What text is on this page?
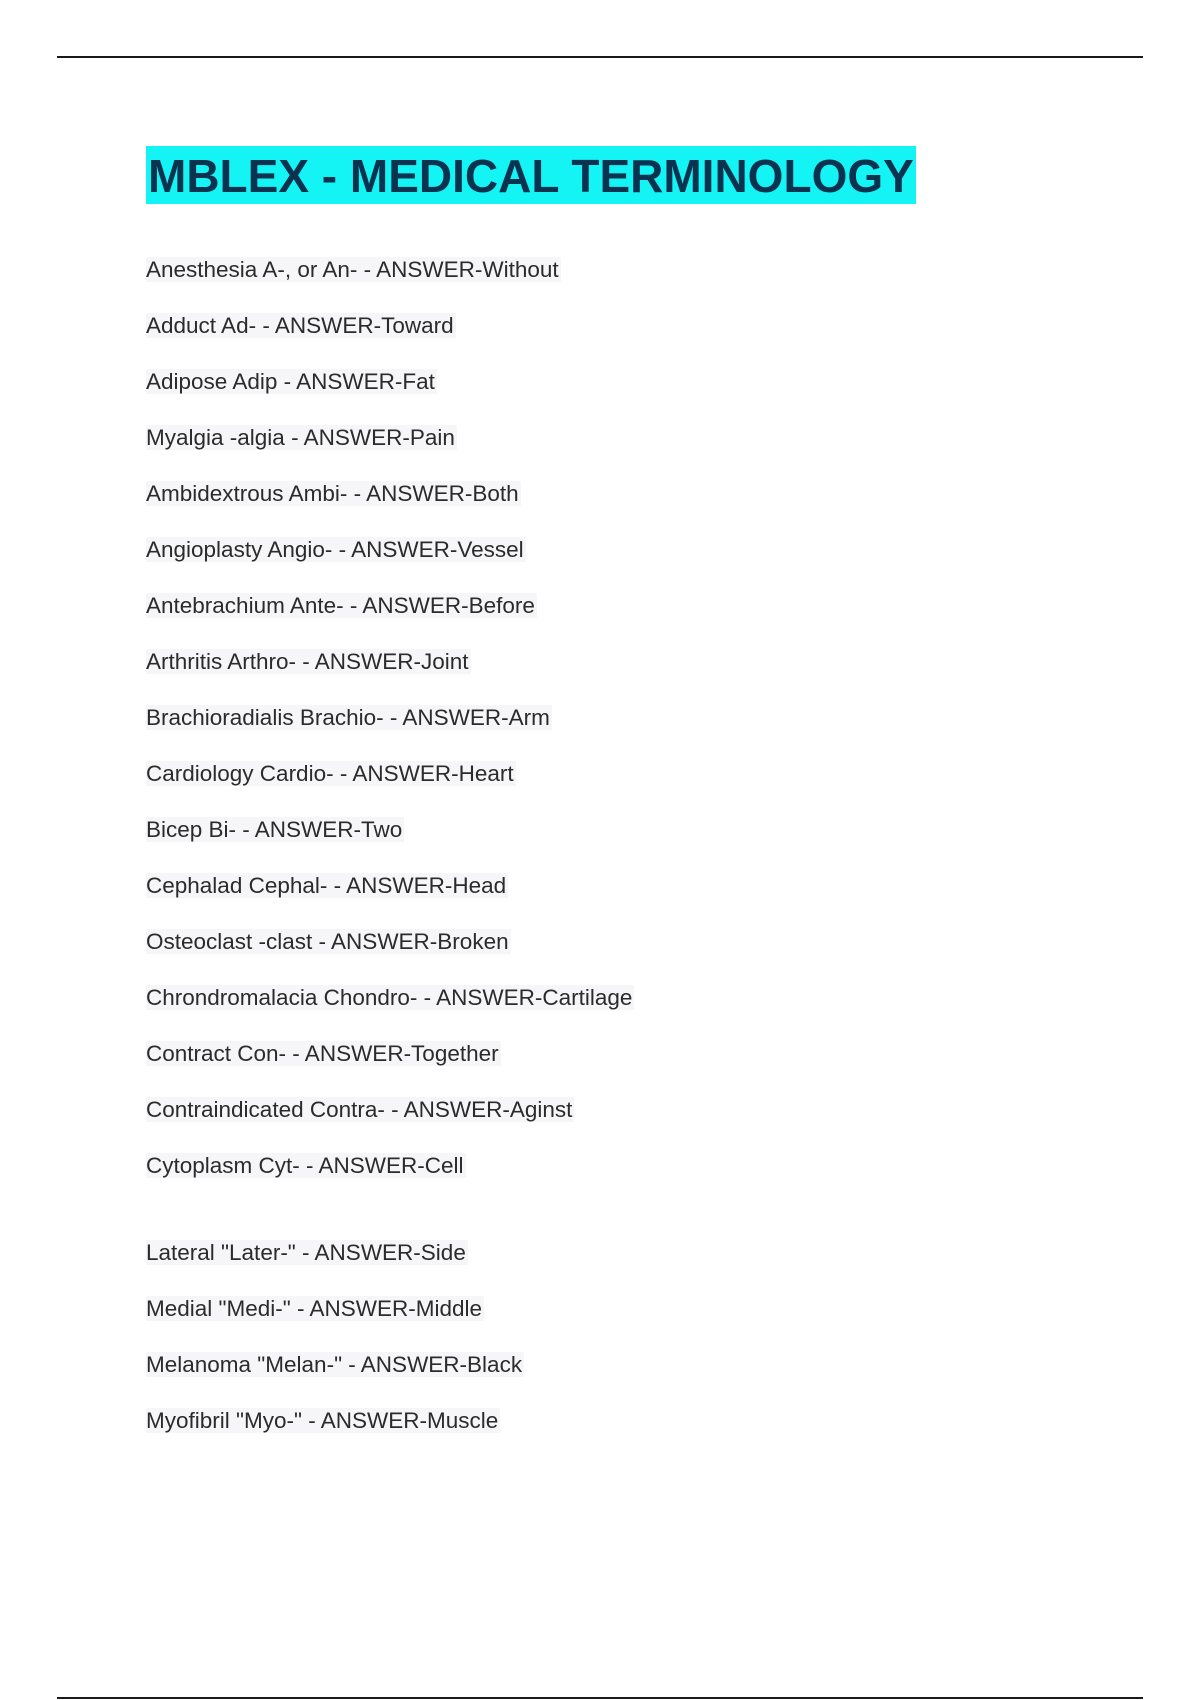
MBLEX - MEDICAL TERMINOLOGY
Anesthesia A-, or An- - ANSWER-Without
Adduct Ad- - ANSWER-Toward
Adipose Adip - ANSWER-Fat
Myalgia -algia - ANSWER-Pain
Ambidextrous Ambi- - ANSWER-Both
Angioplasty Angio- - ANSWER-Vessel
Antebrachium Ante- - ANSWER-Before
Arthritis Arthro- - ANSWER-Joint
Brachioradialis Brachio- - ANSWER-Arm
Cardiology Cardio- - ANSWER-Heart
Bicep Bi- - ANSWER-Two
Cephalad Cephal- - ANSWER-Head
Osteoclast -clast - ANSWER-Broken
Chrondromalacia Chondro- - ANSWER-Cartilage
Contract Con- - ANSWER-Together
Contraindicated Contra- - ANSWER-Aginst
Cytoplasm Cyt- - ANSWER-Cell
Lateral "Later-" - ANSWER-Side
Medial "Medi-" - ANSWER-Middle
Melanoma "Melan-" - ANSWER-Black
Myofibril "Myo-" - ANSWER-Muscle
